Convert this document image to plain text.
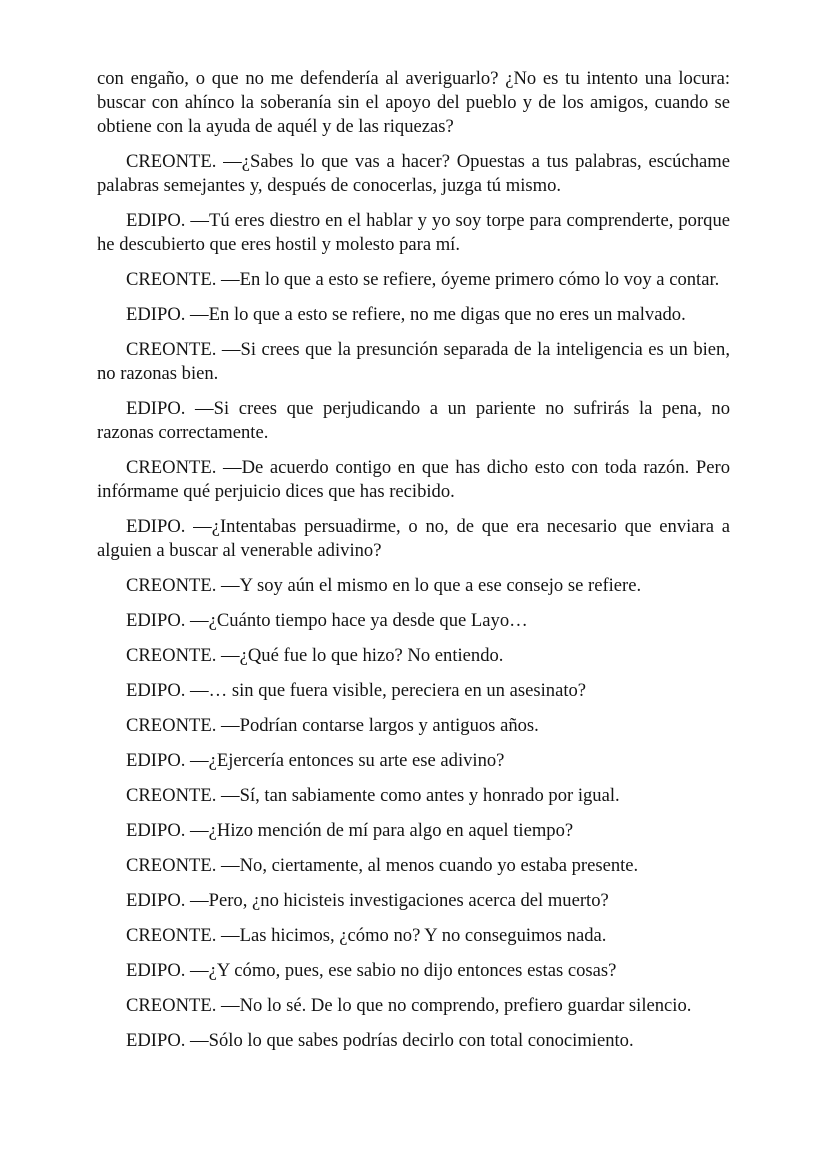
con engaño, o que no me defendería al averiguarlo? ¿No es tu intento una locura: buscar con ahínco la soberanía sin el apoyo del pueblo y de los amigos, cuando se obtiene con la ayuda de aquél y de las riquezas?

CREONTE. —¿Sabes lo que vas a hacer? Opuestas a tus palabras, escúchame palabras semejantes y, después de conocerlas, juzga tú mismo.

EDIPO. —Tú eres diestro en el hablar y yo soy torpe para comprenderte, porque he descubierto que eres hostil y molesto para mí.

CREONTE. —En lo que a esto se refiere, óyeme primero cómo lo voy a contar.

EDIPO. —En lo que a esto se refiere, no me digas que no eres un malvado.

CREONTE. —Si crees que la presunción separada de la inteligencia es un bien, no razonas bien.

EDIPO. —Si crees que perjudicando a un pariente no sufrirás la pena, no razonas correctamente.

CREONTE. —De acuerdo contigo en que has dicho esto con toda razón. Pero infórmame qué perjuicio dices que has recibido.

EDIPO. —¿Intentabas persuadirme, o no, de que era necesario que enviara a alguien a buscar al venerable adivino?

CREONTE. —Y soy aún el mismo en lo que a ese consejo se refiere.

EDIPO. —¿Cuánto tiempo hace ya desde que Layo…

CREONTE. —¿Qué fue lo que hizo? No entiendo.

EDIPO. —… sin que fuera visible, pereciera en un asesinato?

CREONTE. —Podrían contarse largos y antiguos años.

EDIPO. —¿Ejercería entonces su arte ese adivino?

CREONTE. —Sí, tan sabiamente como antes y honrado por igual.

EDIPO. —¿Hizo mención de mí para algo en aquel tiempo?

CREONTE. —No, ciertamente, al menos cuando yo estaba presente.

EDIPO. —Pero, ¿no hicisteis investigaciones acerca del muerto?

CREONTE. —Las hicimos, ¿cómo no? Y no conseguimos nada.

EDIPO. —¿Y cómo, pues, ese sabio no dijo entonces estas cosas?

CREONTE. —No lo sé. De lo que no comprendo, prefiero guardar silencio.

EDIPO. —Sólo lo que sabes podrías decirlo con total conocimiento.
